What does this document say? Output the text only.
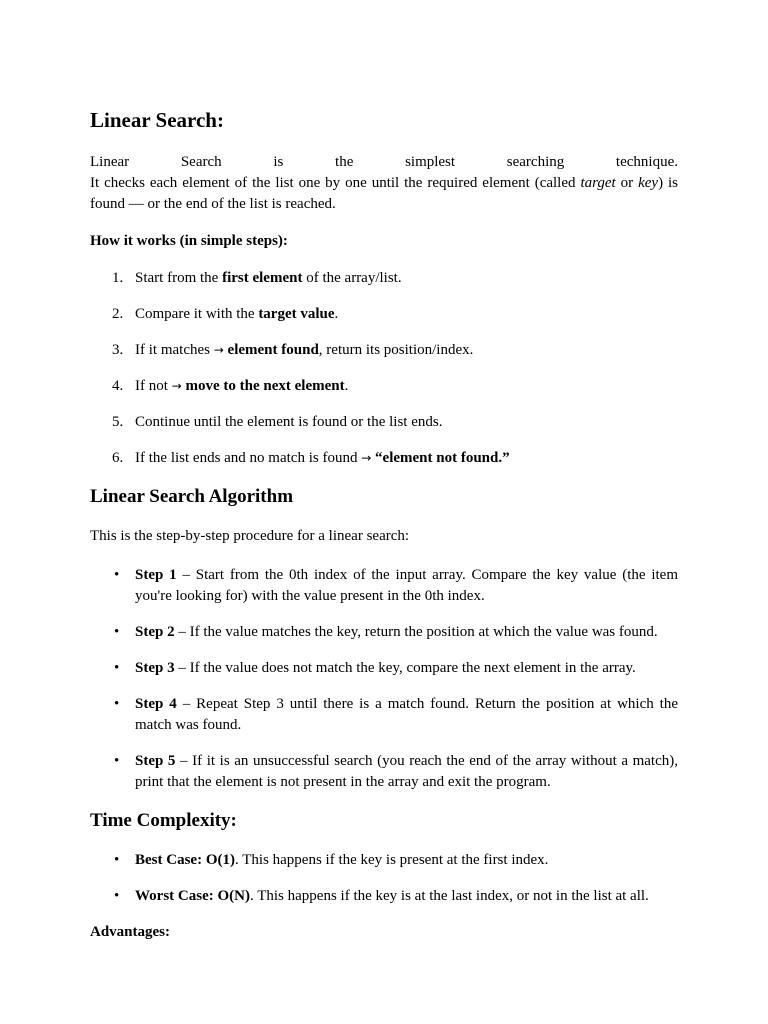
Linear Search:

Linear Search is the simplest searching technique.

It checks each element of the list one by one until the required element (called target or key) is found — or the end of the list is reached.

How it works (in simple steps):

1. Start from the first element of the array/list.
2. Compare it with the target value.
3. If it matches → element found, return its position/index.
4. If not → move to the next element.
5. Continue until the element is found or the list ends.
6. If the list ends and no match is found → “element not found.”
Linear Search Algorithm

This is the step-by-step procedure for a linear search:

• Step 1 – Start from the 0th index of the input array. Compare the key value (the item you're looking for) with the value present in the 0th index.
• Step 2 – If the value matches the key, return the position at which the value was found.
• Step 3 – If the value does not match the key, compare the next element in the array.
• Step 4 – Repeat Step 3 until there is a match found. Return the position at which the match was found.
• Step 5 – If it is an unsuccessful search (you reach the end of the array without a match), print that the element is not present in the array and exit the program.
Time Complexity:
• Best Case: O(1). This happens if the key is present at the first index.
• Worst Case: O(N). This happens if the key is at the last index, or not in the list at all.

Advantages:
